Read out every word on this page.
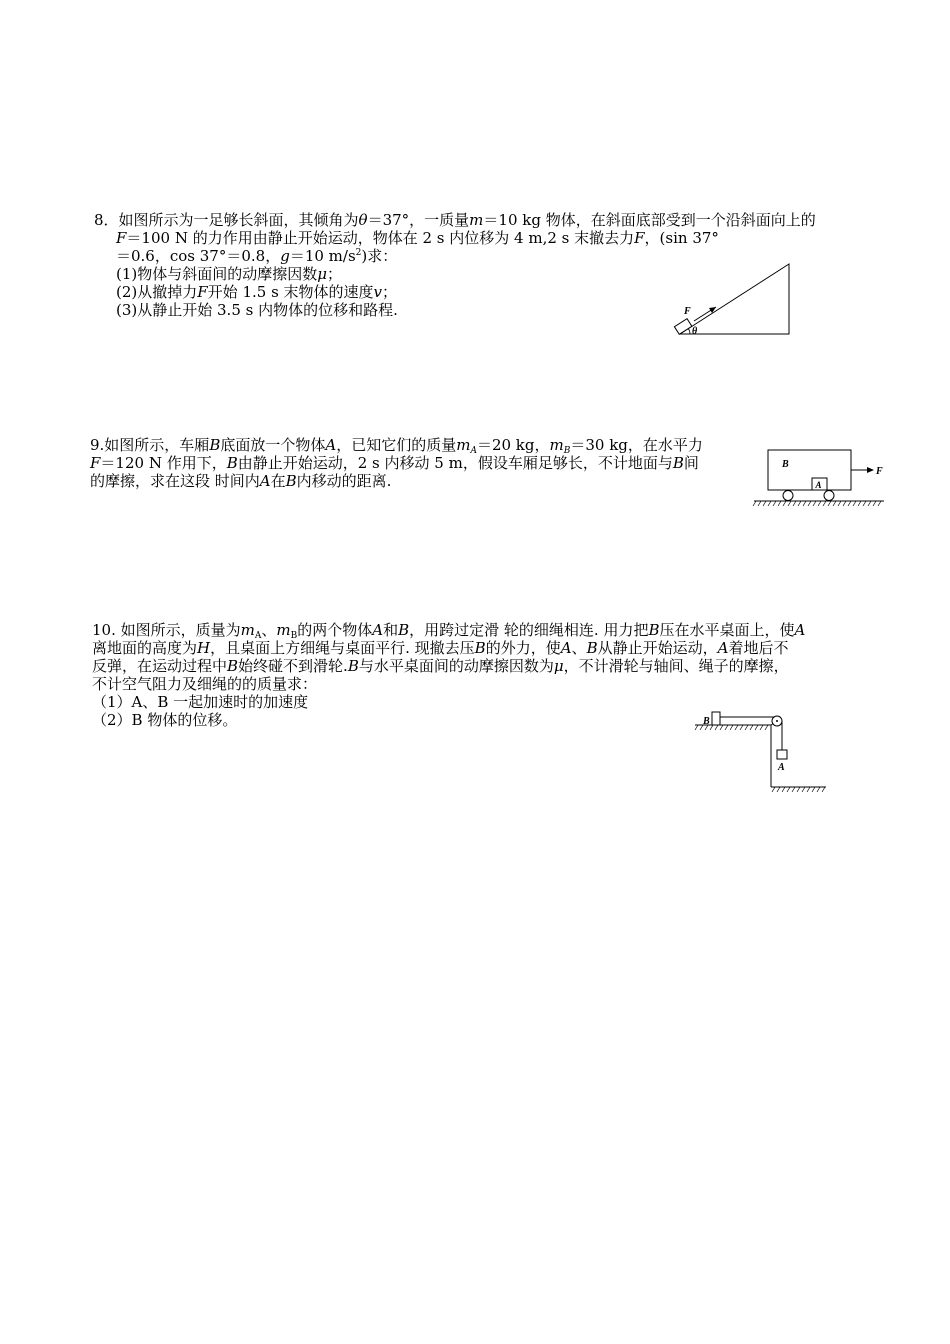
8．如图所示为一足够长斜面，其倾角为θ＝37°，一质量m＝10 kg 物体，在斜面底部受到一个沿斜面向上的

F＝100 N 的力作用由静止开始运动，物体在 2 s 内位移为 4 m,2 s 末撤去力F，(sin 37°

＝0.6，cos 37°＝0.8，g＝10 $m/s^2$)求：

(1)物体与斜面间的动摩擦因数μ；

(2)从撤掉力F开始 1.5 s 末物体的速度v；

(3)从静止开始 3.5 s 内物体的位移和路程.	F
θ

9.如图所示，车厢B底面放一个物体A，已知它们的质量$m_A=20$ kg，$m_B=30$ kg，在水平力

F＝120 N 作用下，B由静止开始运动，2 s 内移动 5 m，假设车厢足够长，不计地面与B间

的摩擦，求在这段 时间内A在B内移动的距离.

B
A
F

10. 如图所示，质量为$m_A$、$m_B$的两个物体A和B，用跨过定滑 轮的细绳相连. 用力把B压在水平桌面上，使A

离地面的高度为H，且桌面上方细绳与桌面平行. 现撤去压B的外力，使A、B从静止开始运动，A着地后不

反弹，在运动过程中B始终碰不到滑轮.B与水平桌面间的动摩擦因数为μ，不计滑轮与轴间、绳子的摩擦，

不计空气阻力及细绳的的质量求：

（1）A、B 一起加速时的加速度

（2）B 物体的位移。	B
A
